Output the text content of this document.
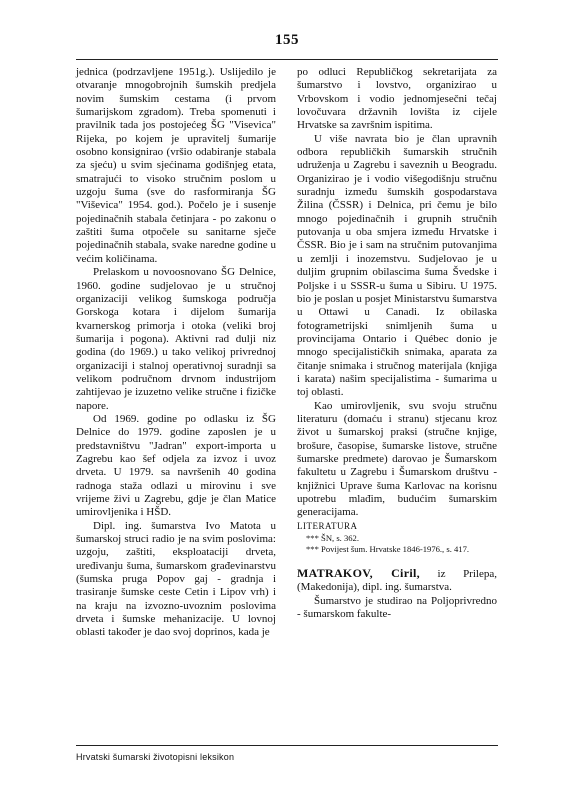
155

jednica (podrzavljene 1951g.). Uslijedilo je otvaranje mnogobrojnih šumskih predjela novim šumskim cestama (i prvom šumarijskom zgradom). Treba spomenuti i pravilnik tada jos postojećeg ŠG "Visevica" Rijeka, po kojem je upravitelj šumarije osobno konsignirao (vršio odabiranje stabala za sjeću) u svim sjećinama godišnjeg etata, smatrajući to visoko stručnim poslom u uzgoju šuma (sve do rasformiranja ŠG "Viševica" 1954. god.). Počelo je i susenje pojedinačnih stabala četinjara - po zakonu o zaštiti šuma otpočele su sanitarne sječe pojedinačnih stabala, svake naredne godine u većim količinama.

Prelaskom u novoosnovano ŠG Delnice, 1960. godine sudjelovao je u stručnoj organizaciji velikog šumskoga područja Gorskoga kotara i dijelom šumarija kvarnerskog primorja i otoka (veliki broj šumarija i pogona). Aktivni rad dulji niz godina (do 1969.) u tako velikoj privrednoj organizaciji i stalnoj operativnoj suradnji sa velikom područnom drvnom industrijom zahtijevao je izuzetno velike stručne i fizičke napore.

Od 1969. godine po odlasku iz ŠG Delnice do 1979. godine zaposlen je u predstavništvu "Jadran" export-importa u Zagrebu kao šef odjela za izvoz i uvoz drveta. U 1979. sa navršenih 40 godina radnoga staža odlazi u mirovinu i sve vrijeme živi u Zagrebu, gdje je član Matice umirovljenika i HŠD.

Dipl. ing. šumarstva Ivo Matota u šumarskoj struci radio je na svim poslovima: uzgoju, zaštiti, eksploataciji drveta, uređivanju šuma, šumarskom građevinarstvu (šumska pruga Popov gaj - gradnja i trasiranje šumske ceste Cetin i Lipov vrh) i na kraju na izvozno-uvoznim poslovima drveta i šumske mehanizacije. U lovnoj oblasti također je dao svoj doprinos, kada je

po odluci Republičkog sekretarijata za šumarstvo i lovstvo, organizirao u Vrbovskom i vodio jednomjesečni tečaj lovočuvara državnih lovišta iz cijele Hrvatske sa završnim ispitima.

U više navrata bio je član upravnih odbora republičkih šumarskih stručnih udruženja u Zagrebu i saveznih u Beogradu. Organizirao je i vodio višegodišnju stručnu suradnju između šumskih gospodarstava Žilina (ČSSR) i Delnica, pri čemu je bilo mnogo pojedinačnih i grupnih stručnih putovanja u oba smjera između Hrvatske i ČSSR. Bio je i sam na stručnim putovanjima u zemlji i inozemstvu. Sudjelovao je u duljim grupnim obilascima šuma Švedske i Poljske i u SSSR-u šuma u Sibiru. U 1975. bio je poslan u posjet Ministarstvu šumarstva u Ottawi u Canadi. Iz obilaska fotogrametrijski snimljenih šuma u provincijama Ontario i Québec donio je mnogo specijalističkih snimaka, aparata za čitanje snimaka i stručnog materijala (knjiga i karata) našim specijalistima - šumarima u toj oblasti.

Kao umirovljenik, svu svoju stručnu literaturu (domaću i stranu) stjecanu kroz život u šumarskoj praksi (stručne knjige, brošure, časopise, šumarske listove, stručne šumarske predmete) darovao je Šumarskom fakultetu u Zagrebu i Šumarskom društvu - knjižnici Uprave šuma Karlovac na korisnu upotrebu mlađim, budućim šumarskim generacijama.

LITERATURA

*** ŠN, s. 362.

*** Povijest šum. Hrvatske 1846-1976., s. 417.

MATRAKOV, Ciril, iz Prilepa, (Makedonija), dipl. ing. šumarstva.

Šumarstvo je studirao na Poljoprivredno - šumarskom fakulte-

Hrvatski šumarski životopisni leksikon
